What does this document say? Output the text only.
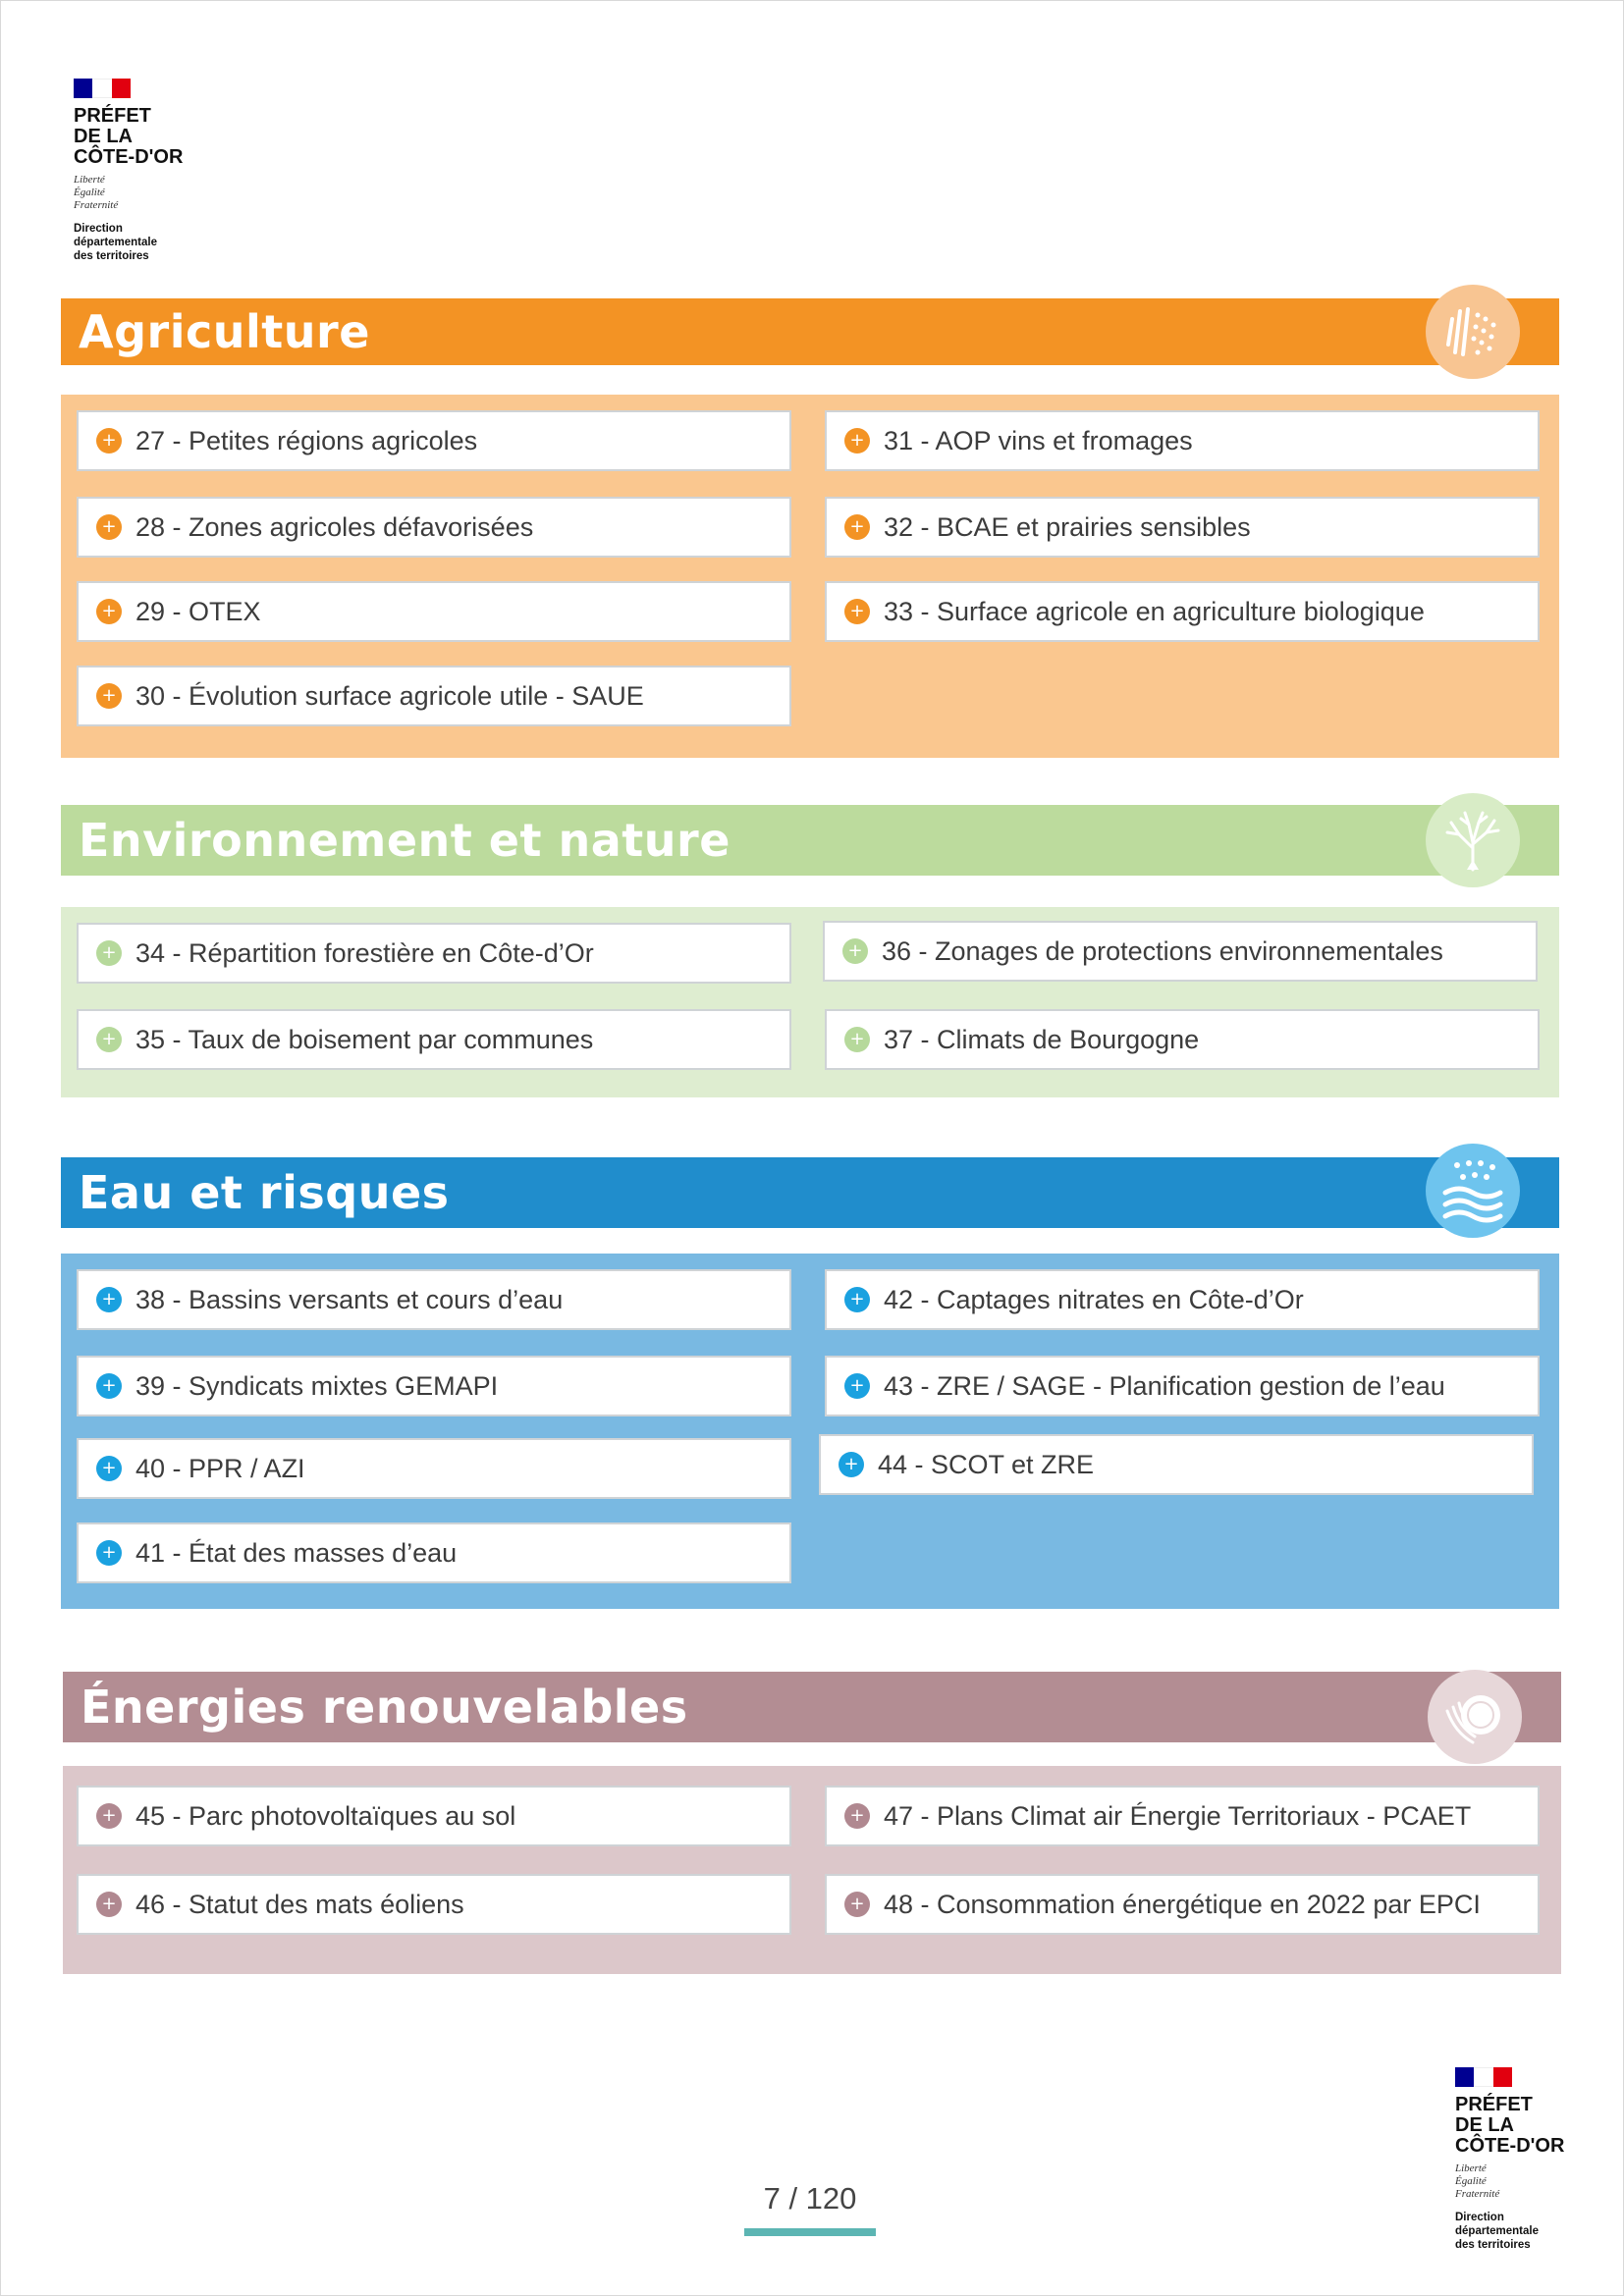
PRÉFET
DE LA
CÔTE-D'OR
Liberté
Égalité
Fraternité
Direction
départementale
des territoires
Agriculture
+ 27 - Petites régions agricoles
+ 28 - Zones agricoles défavorisées
+ 29 - OTEX
+ 30 - Évolution surface agricole utile - SAUE
+ 31 - AOP vins et fromages
+ 32 - BCAE et prairies sensibles
+ 33 - Surface agricole en agriculture biologique
Environnement et nature
+ 34 - Répartition forestière en Côte-d’Or
+ 35 - Taux de boisement par communes
+ 36 - Zonages de protections environnementales
+ 37 - Climats de Bourgogne
Eau et risques
+ 38 - Bassins versants et cours d’eau
+ 39 - Syndicats mixtes GEMAPI
+ 40 - PPR / AZI
+ 41 - État des masses d’eau
+ 42 - Captages nitrates en Côte-d’Or
+ 43 - ZRE / SAGE - Planification gestion de l’eau
+ 44 - SCOT et ZRE
Énergies renouvelables
+ 45 - Parc photovoltaïques au sol
+ 46 - Statut des mats éoliens
+ 47 - Plans Climat air Énergie Territoriaux - PCAET
+ 48 - Consommation énergétique en 2022 par EPCI
7 / 120
PRÉFET
DE LA
CÔTE-D'OR
Liberté
Égalité
Fraternité
Direction
départementale
des territoires
